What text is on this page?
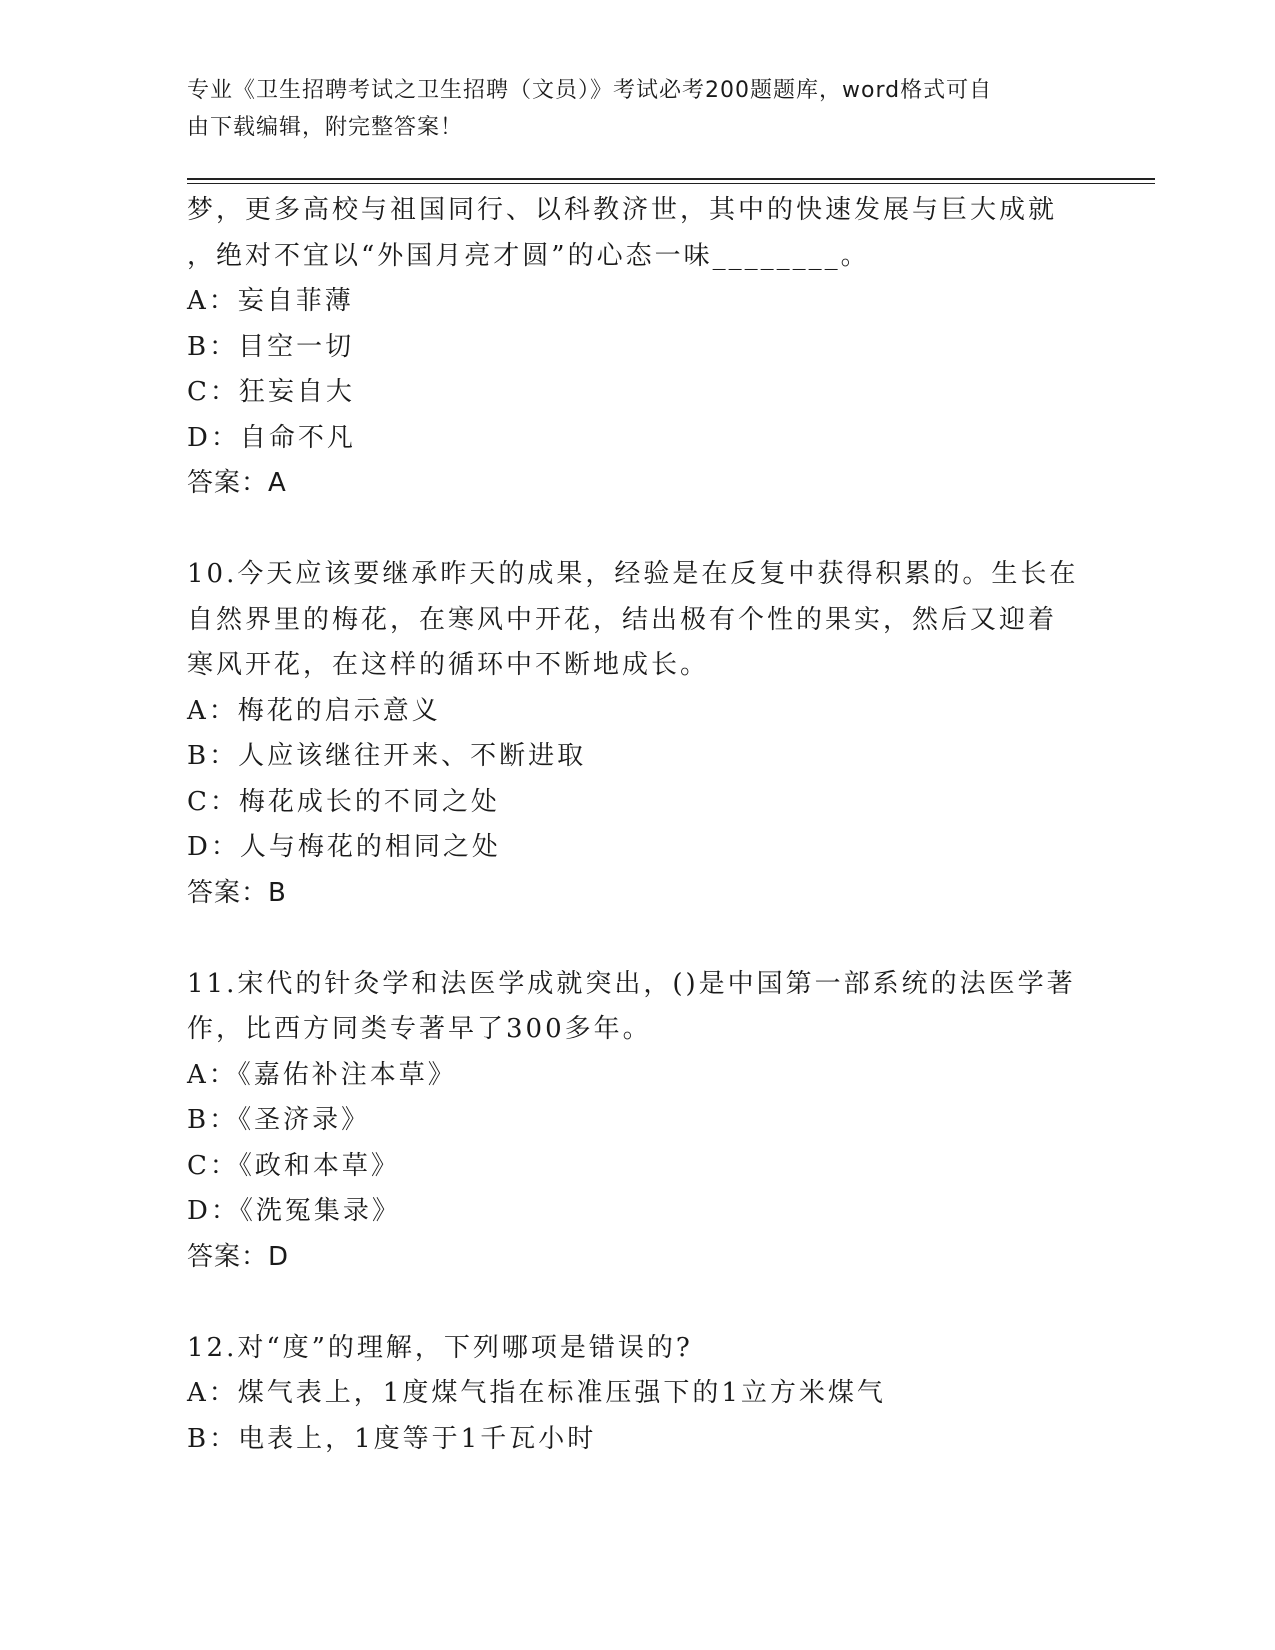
专业《卫生招聘考试之卫生招聘（文员）》考试必考200题题库，word格式可自
由下载编辑，附完整答案！
梦，更多高校与祖国同行、以科教济世，其中的快速发展与巨大成就
，绝对不宜以“外国月亮才圆”的心态一味________。
A：妄自菲薄
B：目空一切
C：狂妄自大
D：自命不凡
答案：A
10.今天应该要继承昨天的成果，经验是在反复中获得积累的。生长在
自然界里的梅花，在寒风中开花，结出极有个性的果实，然后又迎着
寒风开花，在这样的循环中不断地成长。
A：梅花的启示意义
B：人应该继往开来、不断进取
C：梅花成长的不同之处
D：人与梅花的相同之处
答案：B
11.宋代的针灸学和法医学成就突出，()是中国第一部系统的法医学著
作，比西方同类专著早了300多年。
A：《嘉佑补注本草》
B：《圣济录》
C：《政和本草》
D：《洗冤集录》
答案：D
12.对“度”的理解，下列哪项是错误的?
A：煤气表上，1度煤气指在标准压强下的1立方米煤气
B：电表上，1度等于1千瓦小时
